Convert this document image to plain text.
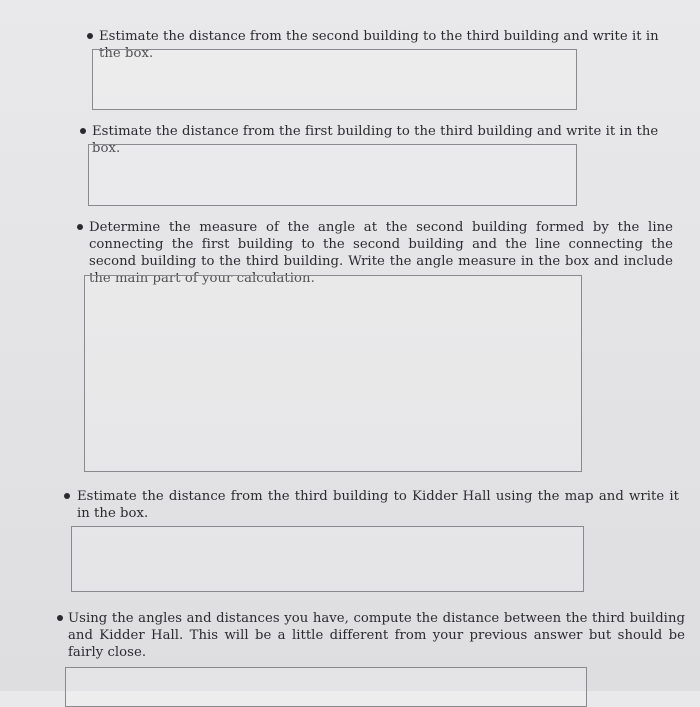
Estimate the distance from the second building to the third building and write it in the box.
Estimate the distance from the first building to the third building and write it in the box.
Determine the measure of the angle at the second building formed by the line connecting the first building to the second building and the line connecting the second building to the third building. Write the angle measure in the box and include the main part of your calculation.
Estimate the distance from the third building to Kidder Hall using the map and write it in the box.
Using the angles and distances you have, compute the distance between the third building and Kidder Hall. This will be a little different from your previous answer but should be fairly close.
